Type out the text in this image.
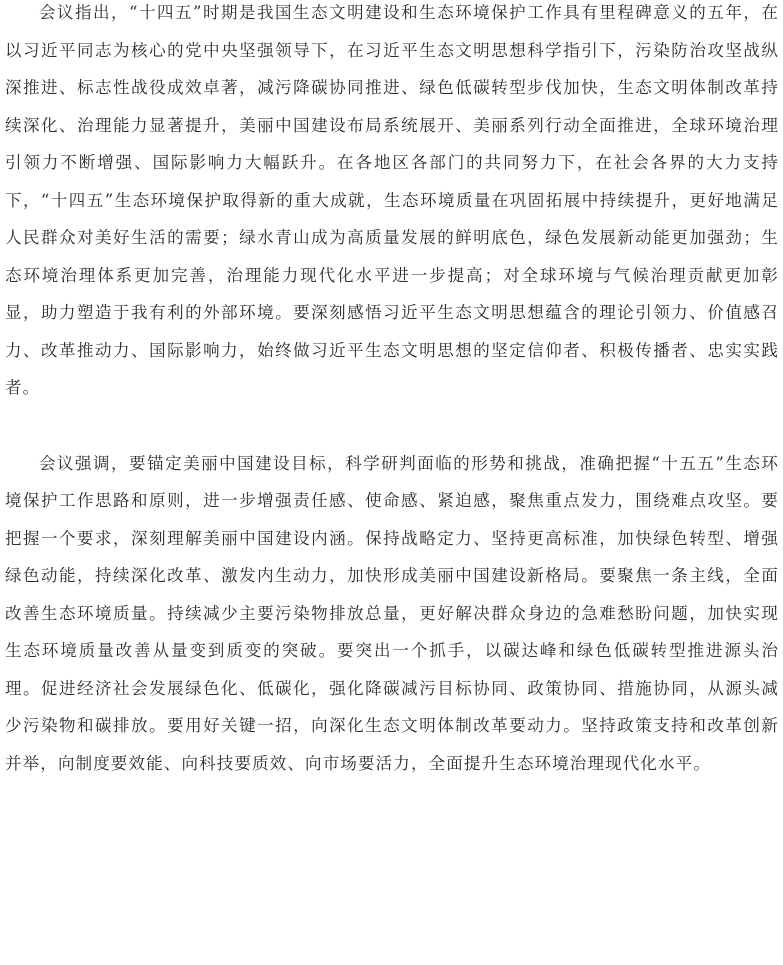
会议指出，“十四五”时期是我国生态文明建设和生态环境保护工作具有里程碑意义的五年，在以习近平同志为核心的党中央坚强领导下，在习近平生态文明思想科学指引下，污染防治攻坚战纵深推进、标志性战役成效卓著，减污降碳协同推进、绿色低碳转型步伐加快，生态文明体制改革持续深化、治理能力显著提升，美丽中国建设布局系统展开、美丽系列行动全面推进，全球环境治理引领力不断增强、国际影响力大幅跃升。在各地区各部门的共同努力下，在社会各界的大力支持下，“十四五”生态环境保护取得新的重大成就，生态环境质量在巩固拓展中持续提升，更好地满足人民群众对美好生活的需要；绿水青山成为高质量发展的鲜明底色，绿色发展新动能更加强劲；生态环境治理体系更加完善，治理能力现代化水平进一步提高；对全球环境与气候治理贡献更加彰显，助力塑造于我有利的外部环境。要深刻感悟习近平生态文明思想蕴含的理论引领力、价值感召力、改革推动力、国际影响力，始终做习近平生态文明思想的坚定信仰者、积极传播者、忠实实践者。

会议强调，要锚定美丽中国建设目标，科学研判面临的形势和挑战，准确把握“十五五”生态环境保护工作思路和原则，进一步增强责任感、使命感、紧迫感，聚焦重点发力，围绕难点攻坚。要把握一个要求，深刻理解美丽中国建设内涵。保持战略定力、坚持更高标准，加快绿色转型、增强绿色动能，持续深化改革、激发内生动力，加快形成美丽中国建设新格局。要聚焦一条主线，全面改善生态环境质量。持续减少主要污染物排放总量，更好解决群众身边的急难愁盼问题，加快实现生态环境质量改善从量变到质变的突破。要突出一个抓手，以碳达峰和绿色低碳转型推进源头治理。促进经济社会发展绿色化、低碳化，强化降碳减污目标协同、政策协同、措施协同，从源头减少污染物和碳排放。要用好关键一招，向深化生态文明体制改革要动力。坚持政策支持和改革创新并举，向制度要效能、向科技要质效、向市场要活力，全面提升生态环境治理现代化水平。
